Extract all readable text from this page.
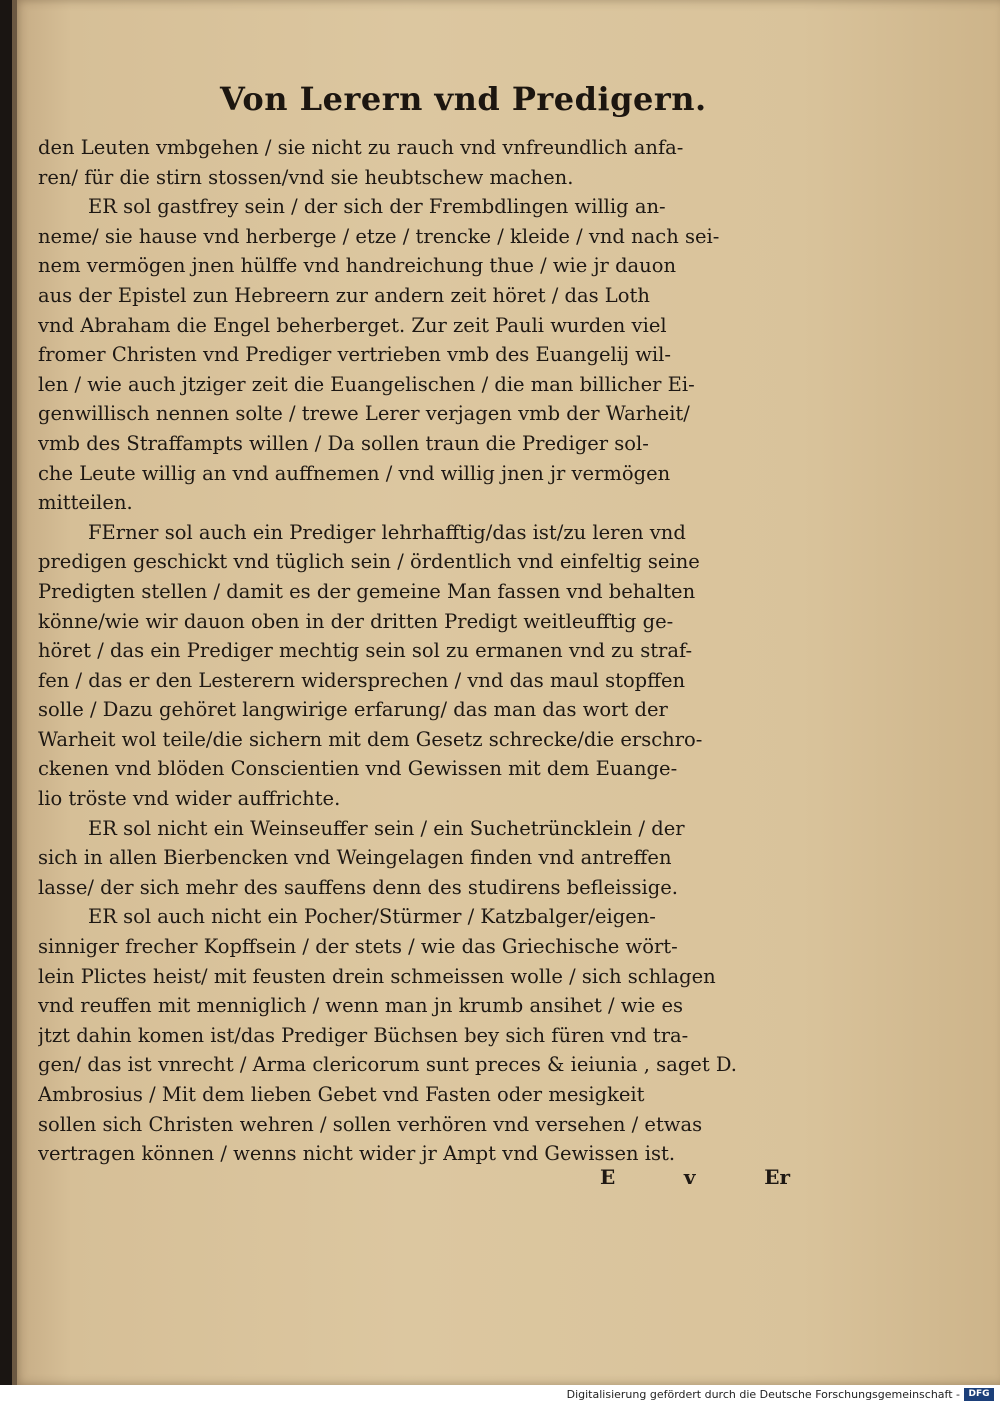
Von Lerern vnd Predigern.
den Leuten vmbgehen / sie nicht zu rauch vnd vnfreundlich anfa-
ren/ für die stirn stossen/vnd sie heubtschew machen.
ER sol gastfrey sein / der sich der Frembdlingen willig an-
neme/ sie hause vnd herberge / etze / trencke / kleide / vnd nach sei-
nem vermögen jnen hülffe vnd handreichung thue / wie jr dauon
aus der Epistel zun Hebreern zur andern zeit höret / das Loth
vnd Abraham die Engel beherberget. Zur zeit Pauli wurden viel
fromer Christen vnd Prediger vertrieben vmb des Euangelij wil-
len / wie auch jtziger zeit die Euangelischen / die man billicher Ei-
genwillisch nennen solte / trewe Lerer verjagen vmb der Warheit/
vmb des Straffampts willen / Da sollen traun die Prediger sol-
che Leute willig an vnd auffnemen / vnd willig jnen jr vermögen
mitteilen.
FErner sol auch ein Prediger lehrhafftig/das ist/zu leren vnd
predigen geschickt vnd tüglich sein / ördentlich vnd einfeltig seine
Predigten stellen / damit es der gemeine Man fassen vnd behalten
könne/wie wir dauon oben in der dritten Predigt weitleufftig ge-
höret / das ein Prediger mechtig sein sol zu ermanen vnd zu straf-
fen / das er den Lesterern widersprechen / vnd das maul stopffen
solle / Dazu gehöret langwirige erfarung/ das man das wort der
Warheit wol teile/die sichern mit dem Gesetz schrecke/die erschro-
ckenen vnd blöden Conscientien vnd Gewissen mit dem Euange-
lio tröste vnd wider auffrichte.
ER sol nicht ein Weinseuffer sein / ein Suchetrüncklein / der
sich in allen Bierbencken vnd Weingelagen finden vnd antreffen
lasse/ der sich mehr des sauffens denn des studirens befleissige.
ER sol auch nicht ein Pocher/Stürmer / Katzbalger/eigen-
sinniger frecher Kopffsein / der stets / wie das Griechische wört-
lein Plictes heist/ mit feusten drein schmeissen wolle / sich schlagen
vnd reuffen mit menniglich / wenn man jn krumb ansihet / wie es
jtzt dahin komen ist/das Prediger Büchsen bey sich füren vnd tra-
gen/ das ist vnrecht / Arma clericorum sunt preces & ieiunia , saget D.
Ambrosius / Mit dem lieben Gebet vnd Fasten oder mesigkeit
sollen sich Christen wehren / sollen verhören vnd versehen / etwas
vertragen können / wenns nicht wider jr Ampt vnd Gewissen ist.
E	v	Er
Digitalisierung gefördert durch die Deutsche Forschungsgemeinschaft - DFG
